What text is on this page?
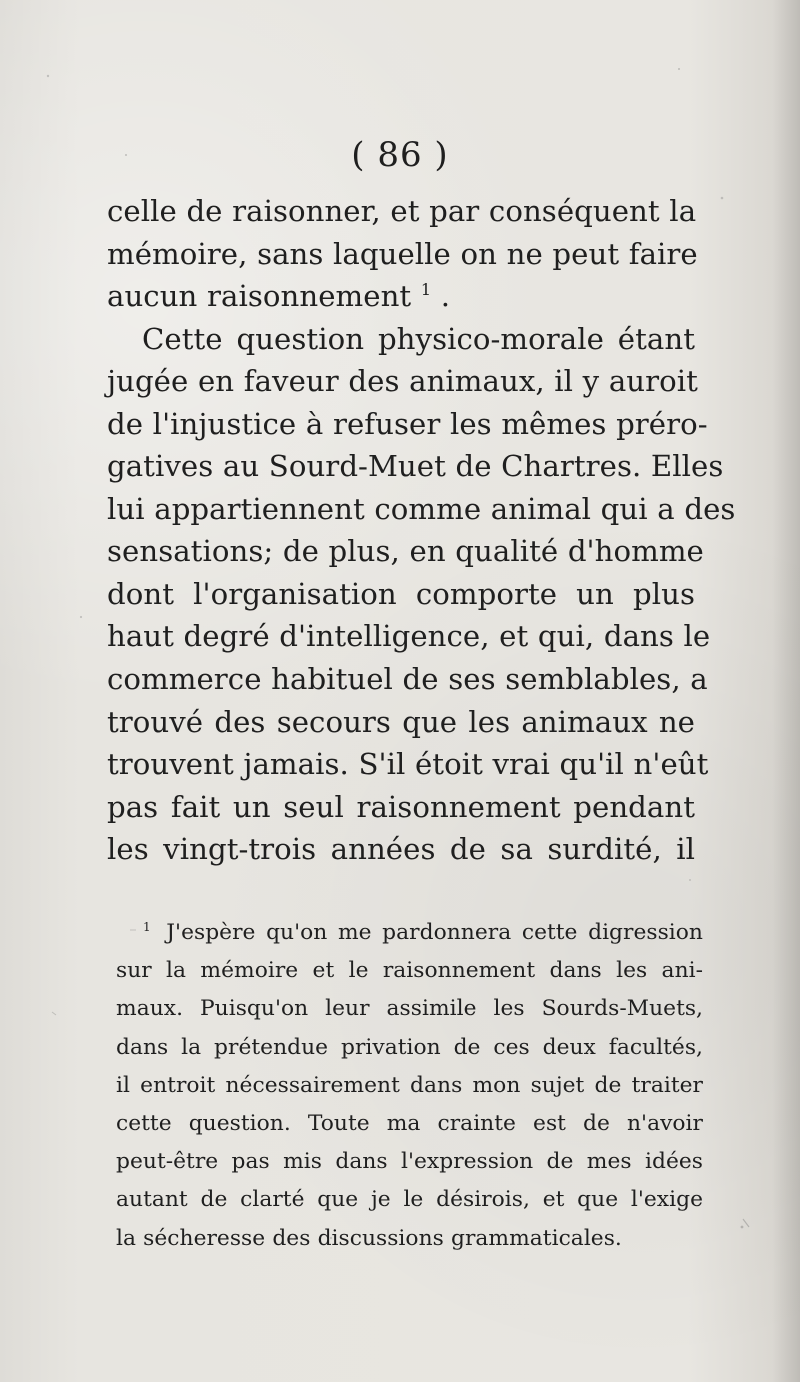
( 86 )
celle de raisonner, et par conséquent la
mémoire, sans laquelle on ne peut faire
aucun raisonnement $^1$ .
Cette question physico-morale étant
jugée en faveur des animaux, il y auroit
de l'injustice à refuser les mêmes préro-
gatives au Sourd-Muet de Chartres. Elles
lui appartiennent comme animal qui a des
sensations; de plus, en qualité d'homme
dont l'organisation comporte un plus
haut degré d'intelligence, et qui, dans le
commerce habituel de ses semblables, a
trouvé des secours que les animaux ne
trouvent jamais. S'il étoit vrai qu'il n'eût
pas fait un seul raisonnement pendant
les vingt-trois années de sa surdité, il
$^1$ J'espère qu'on me pardonnera cette digression
sur la mémoire et le raisonnement dans les ani-
maux. Puisqu'on leur assimile les Sourds-Muets,
dans la prétendue privation de ces deux facultés,
il entroit nécessairement dans mon sujet de traiter
cette question. Toute ma crainte est de n'avoir
peut-être pas mis dans l'expression de mes idées
autant de clarté que je le désirois, et que l'exige
la sécheresse des discussions grammaticales.
